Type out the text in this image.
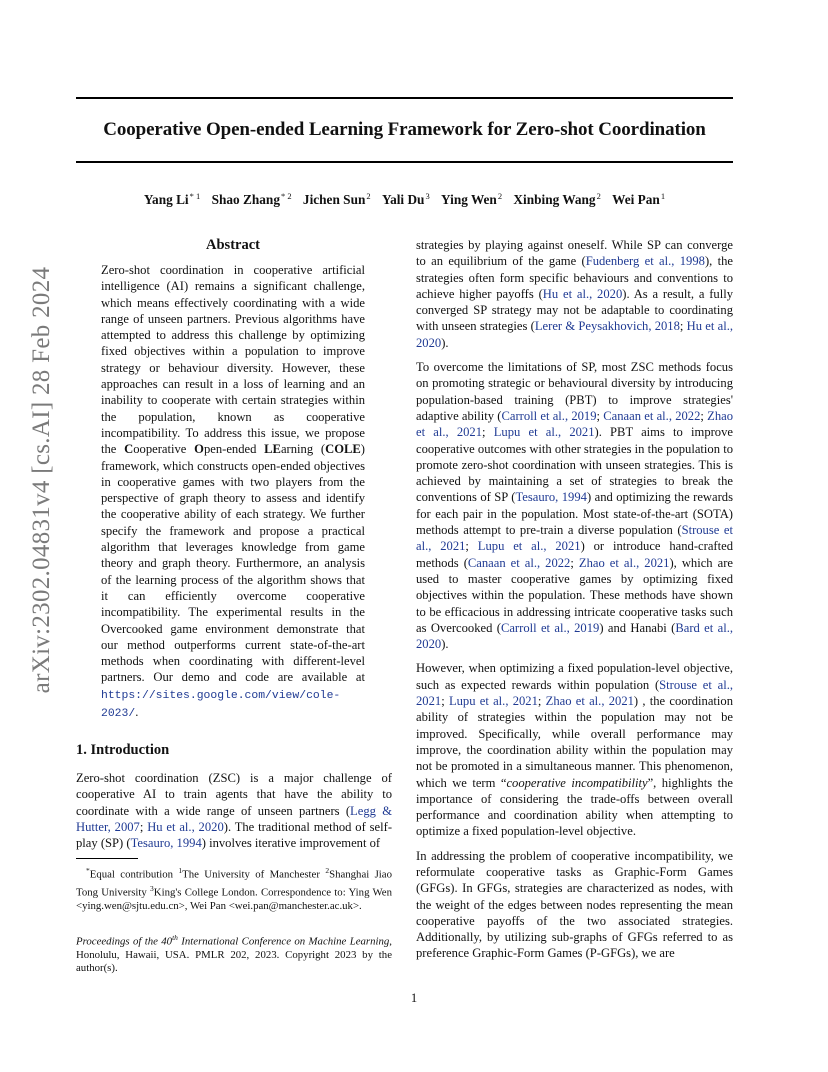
Cooperative Open-ended Learning Framework for Zero-shot Coordination
Yang Li$^{* 1}$ Shao Zhang$^{* 2}$ Jichen Sun$^2$ Yali Du$^3$ Ying Wen$^2$ Xinbing Wang$^2$ Wei Pan$^1$
arXiv:2302.04831v4 [cs.AI] 28 Feb 2024
Abstract
Zero-shot coordination in cooperative artificial intelligence (AI) remains a significant challenge, which means effectively coordinating with a wide range of unseen partners. Previous algorithms have attempted to address this challenge by optimizing fixed objectives within a population to improve strategy or behaviour diversity. However, these approaches can result in a loss of learning and an inability to cooperate with certain strategies within the population, known as cooperative incompatibility. To address this issue, we propose the Cooperative Open-ended LEarning (COLE) framework, which constructs open-ended objectives in cooperative games with two players from the perspective of graph theory to assess and identify the cooperative ability of each strategy. We further specify the framework and propose a practical algorithm that leverages knowledge from game theory and graph theory. Furthermore, an analysis of the learning process of the algorithm shows that it can efficiently overcome cooperative incompatibility. The experimental results in the Overcooked game environment demonstrate that our method outperforms current state-of-the-art methods when coordinating with different-level partners. Our demo and code are available at https://sites.google.com/view/cole-2023/.
1. Introduction
Zero-shot coordination (ZSC) is a major challenge of cooperative AI to train agents that have the ability to coordinate with a wide range of unseen partners (Legg & Hutter, 2007; Hu et al., 2020). The traditional method of self-play (SP) (Tesauro, 1994) involves iterative improvement of
*Equal contribution $^1$The University of Manchester $^2$Shanghai Jiao Tong University $^3$King's College London. Correspondence to: Ying Wen <ying.wen@sjtu.edu.cn>, Wei Pan <wei.pan@manchester.ac.uk>.
Proceedings of the 40th International Conference on Machine Learning, Honolulu, Hawaii, USA. PMLR 202, 2023. Copyright 2023 by the author(s).

strategies by playing against oneself. While SP can converge to an equilibrium of the game (Fudenberg et al., 1998), the strategies often form specific behaviours and conventions to achieve higher payoffs (Hu et al., 2020). As a result, a fully converged SP strategy may not be adaptable to coordinating with unseen strategies (Lerer & Peysakhovich, 2018; Hu et al., 2020).

To overcome the limitations of SP, most ZSC methods focus on promoting strategic or behavioural diversity by introducing population-based training (PBT) to improve strategies' adaptive ability (Carroll et al., 2019; Canaan et al., 2022; Zhao et al., 2021; Lupu et al., 2021). PBT aims to improve cooperative outcomes with other strategies in the population to promote zero-shot coordination with unseen strategies. This is achieved by maintaining a set of strategies to break the conventions of SP (Tesauro, 1994) and optimizing the rewards for each pair in the population. Most state-of-the-art (SOTA) methods attempt to pre-train a diverse population (Strouse et al., 2021; Lupu et al., 2021) or introduce hand-crafted methods (Canaan et al., 2022; Zhao et al., 2021), which are used to master cooperative games by optimizing fixed objectives within the population. These methods have shown to be efficacious in addressing intricate cooperative tasks such as Overcooked (Carroll et al., 2019) and Hanabi (Bard et al., 2020).

However, when optimizing a fixed population-level objective, such as expected rewards within population (Strouse et al., 2021; Lupu et al., 2021; Zhao et al., 2021) , the coordination ability of strategies within the population may not be improved. Specifically, while overall performance may improve, the coordination ability within the population may not be promoted in a simultaneous manner. This phenomenon, which we term “cooperative incompatibility”, highlights the importance of considering the trade-offs between overall performance and coordination ability when attempting to optimize a fixed population-level objective.

In addressing the problem of cooperative incompatibility, we reformulate cooperative tasks as Graphic-Form Games (GFGs). In GFGs, strategies are characterized as nodes, with the weight of the edges between nodes representing the mean cooperative payoffs of the two associated strategies. Additionally, by utilizing sub-graphs of GFGs referred to as preference Graphic-Form Games (P-GFGs), we are

1
